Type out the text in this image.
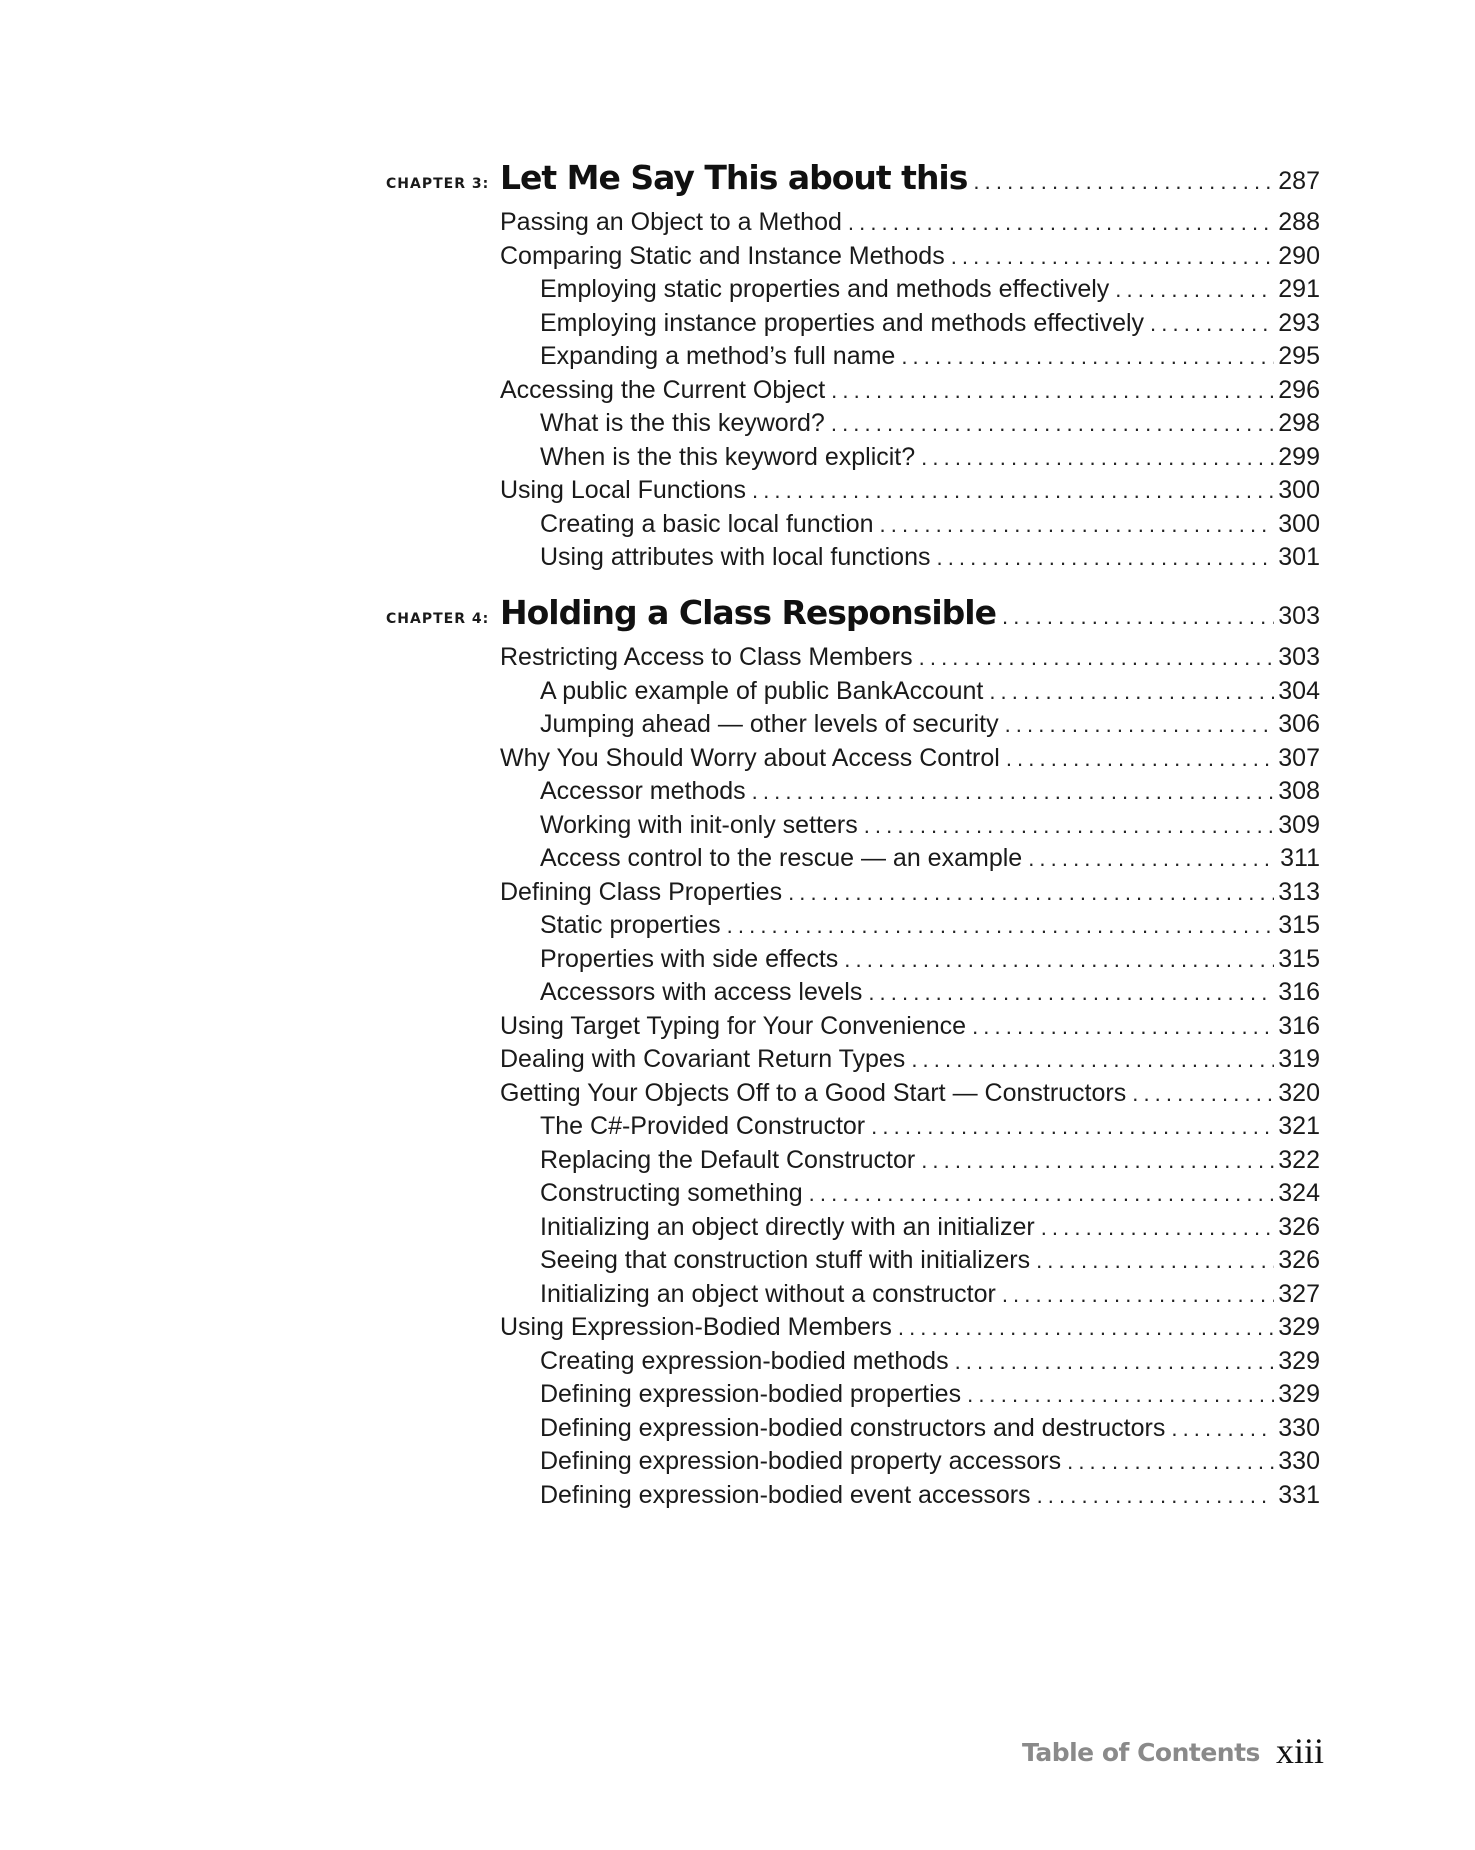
CHAPTER 3: Let Me Say This about this . . .	287
Passing an Object to a Method . . .	288
Comparing Static and Instance Methods . . .	290
Employing static properties and methods effectively . . .	291
Employing instance properties and methods effectively . . .	293
Expanding a method’s full name . . .	295
Accessing the Current Object . . .	296
What is the this keyword? . . .	298
When is the this keyword explicit? . . .	299
Using Local Functions . . .	300
Creating a basic local function . . .	300
Using attributes with local functions . . .	301
CHAPTER 4: Holding a Class Responsible . . .	303
Restricting Access to Class Members . . .	303
A public example of public BankAccount . . .	304
Jumping ahead — other levels of security . . .	306
Why You Should Worry about Access Control . . .	307
Accessor methods . . .	308
Working with init-only setters . . .	309
Access control to the rescue — an example . . .	311
Defining Class Properties . . .	313
Static properties . . .	315
Properties with side effects . . .	315
Accessors with access levels . . .	316
Using Target Typing for Your Convenience . . .	316
Dealing with Covariant Return Types . . .	319
Getting Your Objects Off to a Good Start — Constructors . . .	320
The C#-Provided Constructor . . .	321
Replacing the Default Constructor . . .	322
Constructing something . . .	324
Initializing an object directly with an initializer . . .	326
Seeing that construction stuff with initializers . . .	326
Initializing an object without a constructor . . .	327
Using Expression-Bodied Members . . .	329
Creating expression-bodied methods . . .	329
Defining expression-bodied properties . . .	329
Defining expression-bodied constructors and destructors . . .	330
Defining expression-bodied property accessors . . .	330
Defining expression-bodied event accessors . . .	331
Table of Contents xiii
